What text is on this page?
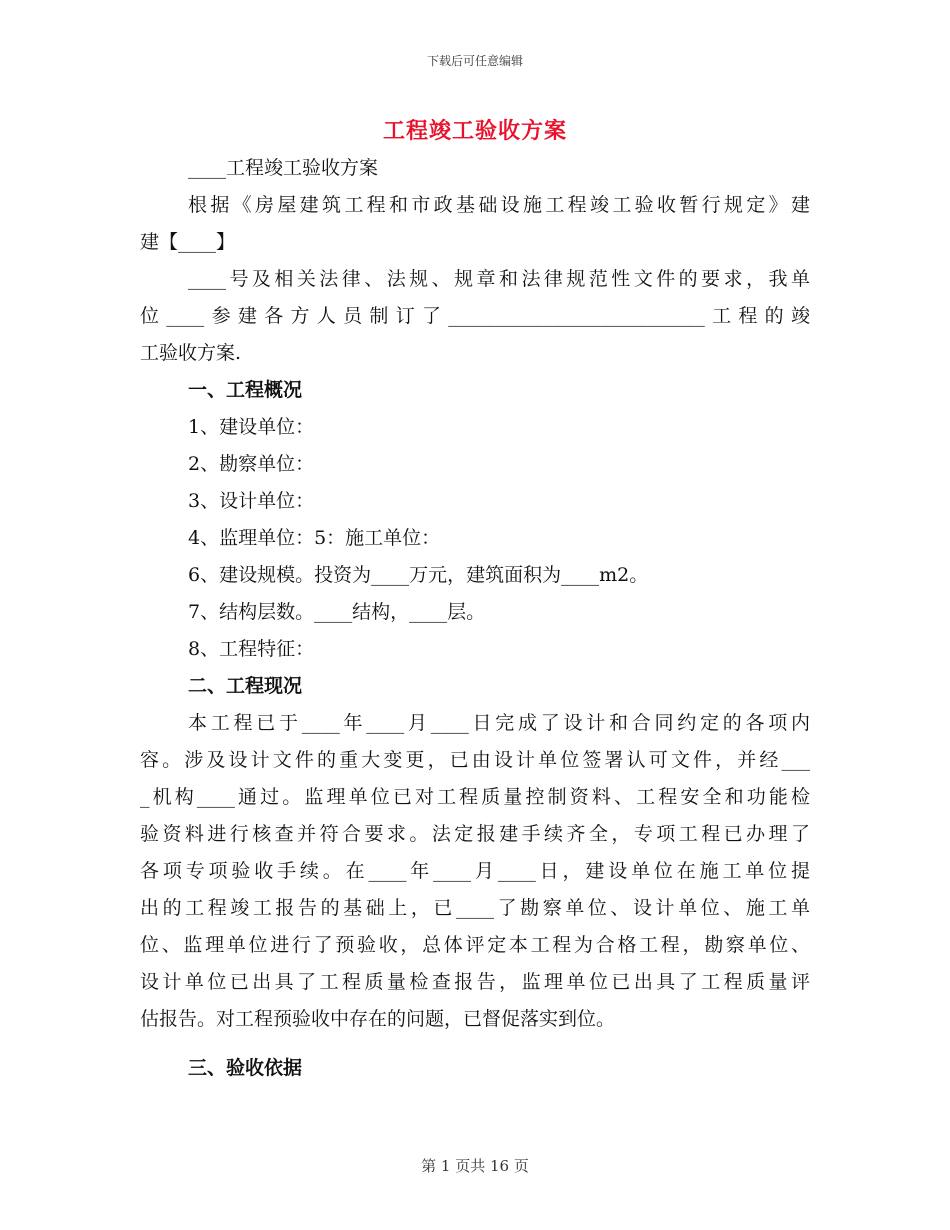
下载后可任意编辑
工程竣工验收方案
____工程竣工验收方案
根据《房屋建筑工程和市政基础设施工程竣工验收暂行规定》建
建【____】
____号及相关法律、法规、规章和法律规范性文件的要求，我单
位____参建各方人员制订了___________________________工程的竣
工验收方案.
一、工程概况
1、建设单位：
2、勘察单位：
3、设计单位：
4、监理单位：5：施工单位：
6、建设规模。投资为____万元，建筑面积为____m2。
7、结构层数。____结构，____层。
8、工程特征：
二、工程现况
本工程已于____年____月____日完成了设计和合同约定的各项内
容。涉及设计文件的重大变更，已由设计单位签署认可文件，并经___
_机构____通过。监理单位已对工程质量控制资料、工程安全和功能检
验资料进行核查并符合要求。法定报建手续齐全，专项工程已办理了
各项专项验收手续。在____年____月____日，建设单位在施工单位提
出的工程竣工报告的基础上，已____了勘察单位、设计单位、施工单
位、监理单位进行了预验收，总体评定本工程为合格工程，勘察单位、
设计单位已出具了工程质量检查报告，监理单位已出具了工程质量评
估报告。对工程预验收中存在的问题，已督促落实到位。
三、验收依据
第 1 页共 16 页
